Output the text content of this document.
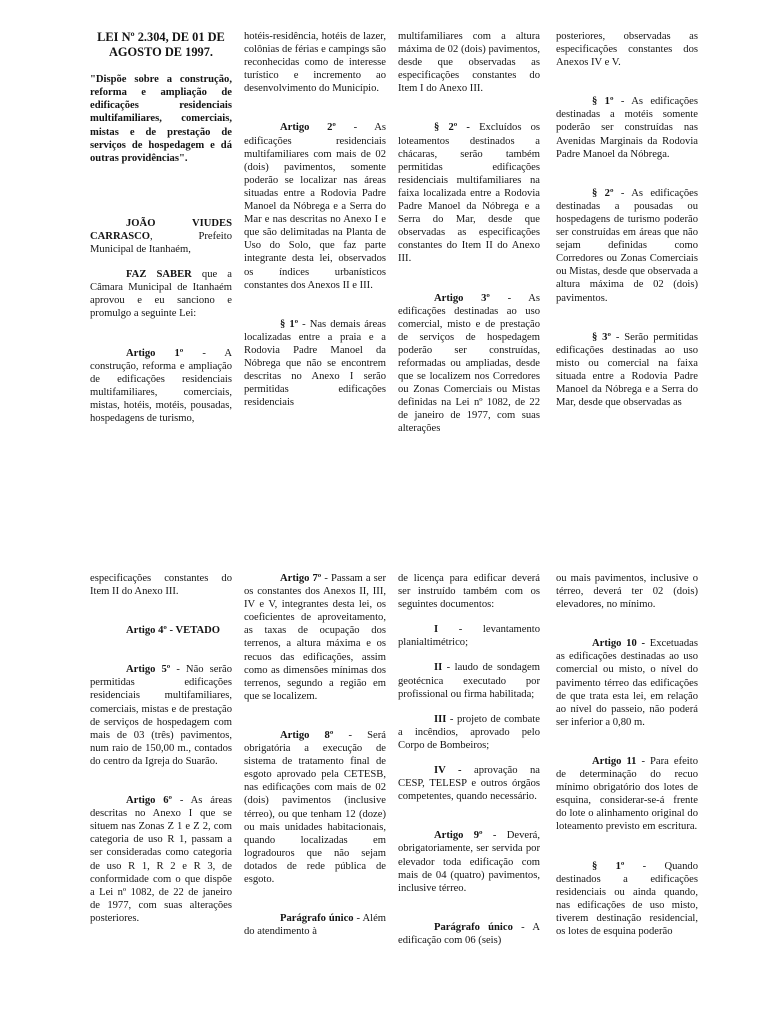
LEI Nº 2.304, DE 01 DE AGOSTO DE 1997.

"Dispõe sobre a construção, reforma e ampliação de edificações residenciais multifamiliares, comerciais, mistas e de prestação de serviços de hospedagem e dá outras providências".

JOÃO VIUDES CARRASCO, Prefeito Municipal de Itanhaém,

FAZ SABER que a Câmara Municipal de Itanhaém aprovou e eu sanciono e promulgo a seguinte Lei:

Artigo 1º - A construção, reforma e ampliação de edificações residenciais multifamiliares, comerciais, mistas, hotéis, motéis, pousadas, hospedagens de turismo,

hotéis-residência, hotéis de lazer, colônias de férias e campings são reconhecidas como de interesse turístico e incremento ao desenvolvimento do Município.

Artigo 2º - As edificações residenciais multifamiliares com mais de 02 (dois) pavimentos, somente poderão se localizar nas áreas situadas entre a Rodovia Padre Manoel da Nóbrega e a Serra do Mar e nas descritas no Anexo I e que são delimitadas na Planta de Uso do Solo, que faz parte integrante desta lei, observados os índices urbanísticos constantes dos Anexos II e III.

§ 1º - Nas demais áreas localizadas entre a praia e a Rodovia Padre Manoel da Nóbrega que não se encontrem descritas no Anexo I serão permitidas edificações residenciais

multifamiliares com a altura máxima de 02 (dois) pavimentos, desde que observadas as especificações constantes do Item I do Anexo III.

§ 2º - Excluídos os loteamentos destinados a chácaras, serão também permitidas edificações residenciais multifamiliares na faixa localizada entre a Rodovia Padre Manoel da Nóbrega e a Serra do Mar, desde que observadas as especificações constantes do Item II do Anexo III.

Artigo 3º - As edificações destinadas ao uso comercial, misto e de prestação de serviços de hospedagem poderão ser construídas, reformadas ou ampliadas, desde que se localizem nos Corredores ou Zonas Comerciais ou Mistas definidas na Lei nº 1082, de 22 de janeiro de 1977, com suas alterações

posteriores, observadas as especificações constantes dos Anexos IV e V.

§ 1º - As edificações destinadas a motéis somente poderão ser construídas nas Avenidas Marginais da Rodovia Padre Manoel da Nóbrega.

§ 2º - As edificações destinadas a pousadas ou hospedagens de turismo poderão ser construídas em áreas que não sejam definidas como Corredores ou Zonas Comerciais ou Mistas, desde que observada a altura máxima de 02 (dois) pavimentos.

§ 3º - Serão permitidas edificações destinadas ao uso misto ou comercial na faixa situada entre a Rodovia Padre Manoel da Nóbrega e a Serra do Mar, desde que observadas as

especificações constantes do Item II do Anexo III.

Artigo 4º - VETADO

Artigo 5º - Não serão permitidas edificações residenciais multifamiliares, comerciais, mistas e de prestação de serviços de hospedagem com mais de 03 (três) pavimentos, num raio de 150,00 m., contados do centro da Igreja do Suarão.

Artigo 6º - As áreas descritas no Anexo I que se situem nas Zonas Z 1 e Z 2, com categoria de uso R 1, passam a ser consideradas como categoria de uso R 1, R 2 e R 3, de conformidade com o que dispõe a Lei nº 1082, de 22 de janeiro de 1977, com suas alterações posteriores.

Artigo 7º - Passam a ser os constantes dos Anexos II, III, IV e V, integrantes desta lei, os coeficientes de aproveitamento, as taxas de ocupação dos terrenos, a altura máxima e os recuos das edificações, assim como as dimensões mínimas dos terrenos, segundo a região em que se localizem.

Artigo 8º - Será obrigatória a execução de sistema de tratamento final de esgoto aprovado pela CETESB, nas edificações com mais de 02 (dois) pavimentos (inclusive térreo), ou que tenham 12 (doze) ou mais unidades habitacionais, quando localizadas em logradouros que não sejam dotados de rede pública de esgoto.

Parágrafo único - Além do atendimento à

de licença para edificar deverá ser instruído também com os seguintes documentos:

I - levantamento planialtimétrico;

II - laudo de sondagem geotécnica executado por profissional ou firma habilitada;

III - projeto de combate a incêndios, aprovado pelo Corpo de Bombeiros;

IV - aprovação na CESP, TELESP e outros órgãos competentes, quando necessário.

Artigo 9º - Deverá, obrigatoriamente, ser servida por elevador toda edificação com mais de 04 (quatro) pavimentos, inclusive térreo.

Parágrafo único - A edificação com 06 (seis)

ou mais pavimentos, inclusive o térreo, deverá ter 02 (dois) elevadores, no mínimo.

Artigo 10 - Excetuadas as edificações destinadas ao uso comercial ou misto, o nível do pavimento térreo das edificações de que trata esta lei, em relação ao nível do passeio, não poderá ser inferior a 0,80 m.

Artigo 11 - Para efeito de determinação do recuo mínimo obrigatório dos lotes de esquina, considerar-se-á frente do lote o alinhamento original do loteamento previsto em escritura.

§ 1º - Quando destinados a edificações residenciais ou ainda quando, nas edificações de uso misto, tiverem destinação residencial, os lotes de esquina poderão
